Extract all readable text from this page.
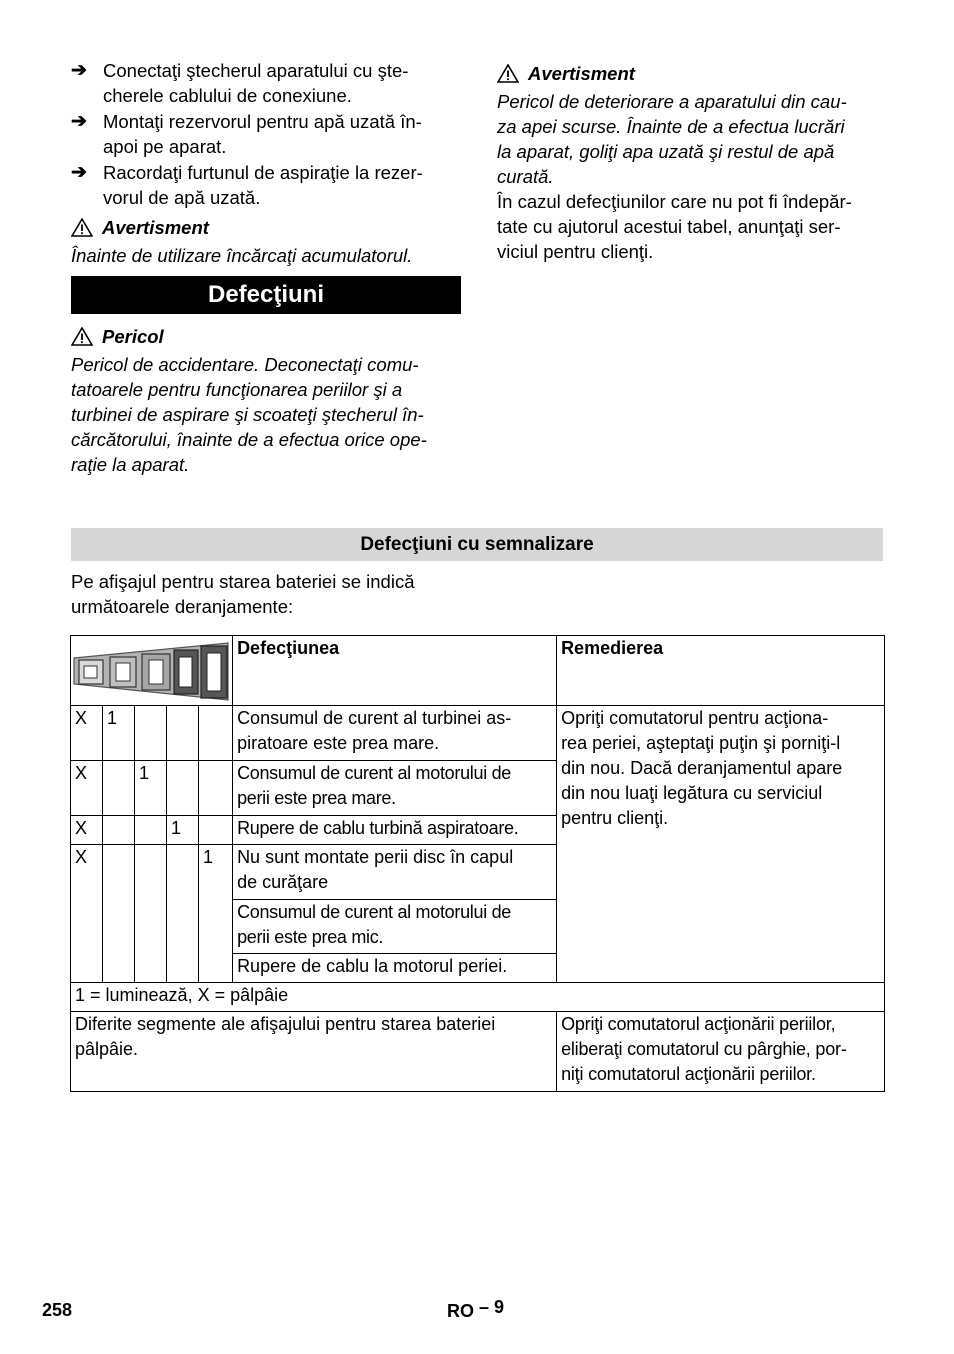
➔ Conectaţi ştecherul aparatului cu şte-
cherele cablului de conexiune.
➔ Montaţi rezervorul pentru apă uzată în-
apoi pe aparat.
➔ Racordaţi furtunul de aspiraţie la rezer-
vorul de apă uzată.
Avertisment
Înainte de utilizare încărcaţi acumulatorul.
Defecţiuni
Pericol
Pericol de accidentare. Deconectaţi comu-
tatoarele pentru funcţionarea periilor şi a
turbinei de aspirare şi scoateţi ştecherul în-
cărcătorului, înainte de a efectua orice ope-
raţie la aparat.
Avertisment
Pericol de deteriorare a aparatului din cau-
za apei scurse. Înainte de a efectua lucrări
la aparat, goliţi apa uzată şi restul de apă
curată.
În cazul defecţiunilor care nu pot fi îndepăr-
tate cu ajutorul acestui tabel, anunţaţi ser-
viciul pentru clienţi.
Defecţiuni cu semnalizare
Pe afişajul pentru starea bateriei se indică
următoarele deranjamente:
	Defecţiunea	Remedierea
X	1				Consumul de curent al turbinei as-
piratoare este prea mare.	Opriţi comutatorul pentru acţiona-
rea periei, aşteptaţi puţin şi porniţi-l
din nou. Dacă deranjamentul apare
din nou luaţi legătura cu serviciul
pentru clienţi.
X		1			Consumul de curent al motorului de
perii este prea mare.	
X			1		Rupere de cablu turbină aspiratoare.	
X				1	Nu sunt montate perii disc în capul
de curăţare	
					Consumul de curent al motorului de
perii este prea mic.	
					Rupere de cablu la motorul periei.	
1 = luminează, X = pâlpâie						
Diferite segmente ale afişajului pentru starea bateriei
pâlpâie.						Opriţi comutatorul acţionării periilor,
eliberaţi comutatorul cu pârghie, por-
niţi comutatorul acţionării periilor.
258	RO – 9
